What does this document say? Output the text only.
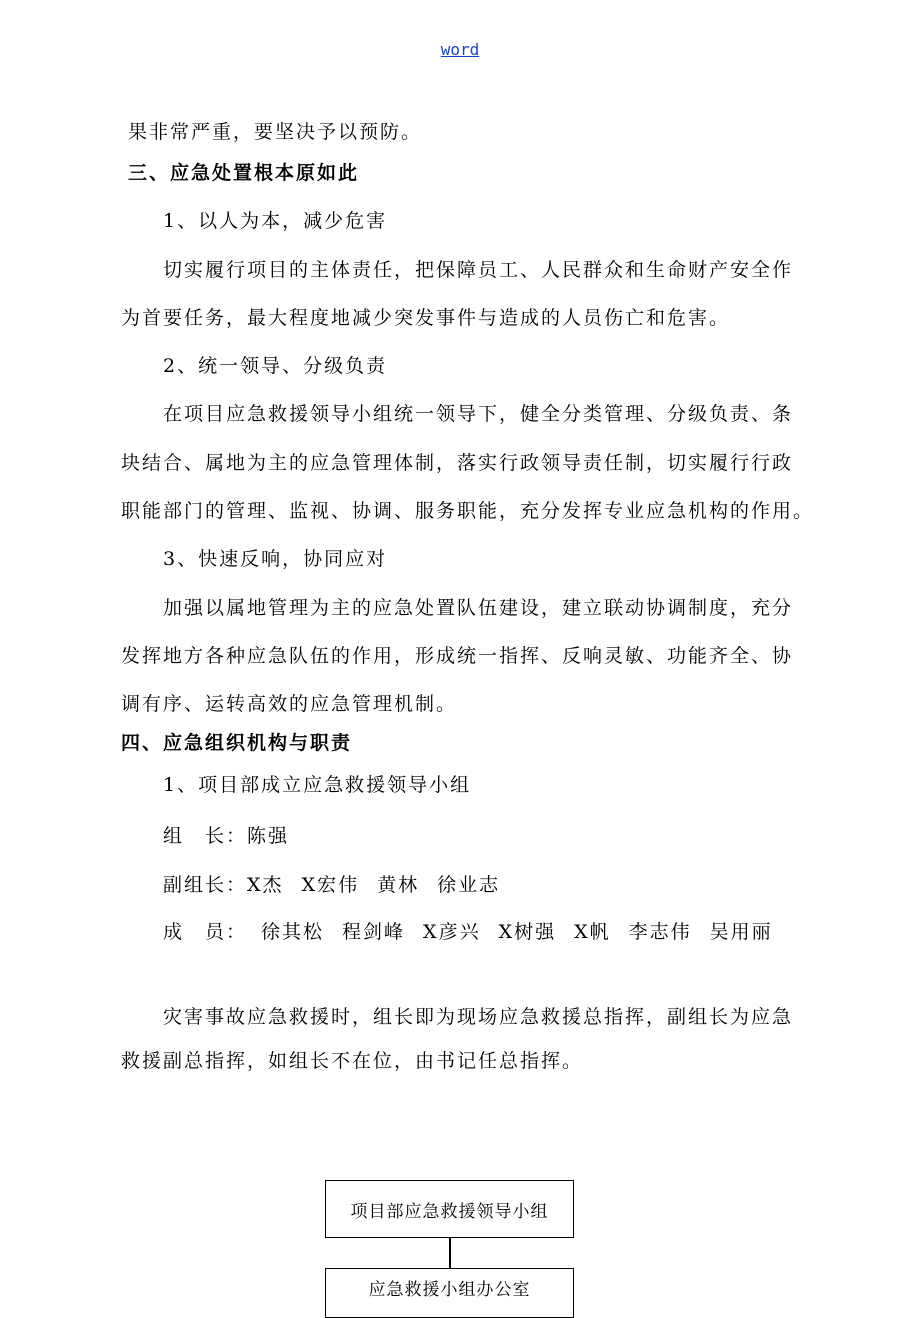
word
果非常严重，要坚决予以预防。
三、应急处置根本原如此
1、以人为本，减少危害
切实履行项目的主体责任，把保障员工、人民群众和生命财产安全作
为首要任务，最大程度地减少突发事件与造成的人员伤亡和危害。
2、统一领导、分级负责
在项目应急救援领导小组统一领导下，健全分类管理、分级负责、条
块结合、属地为主的应急管理体制，落实行政领导责任制，切实履行行政
职能部门的管理、监视、协调、服务职能，充分发挥专业应急机构的作用。
3、快速反响，协同应对
加强以属地管理为主的应急处置队伍建设，建立联动协调制度，充分
发挥地方各种应急队伍的作用，形成统一指挥、反响灵敏、功能齐全、协
调有序、运转高效的应急管理机制。
四、应急组织机构与职责
1、项目部成立应急救援领导小组
组　长：陈强
副组长：X杰 X宏伟 黄林 徐业志
成　员： 徐其松 程剑峰 X彦兴 X树强 X帆 李志伟 吴用丽
灾害事故应急救援时，组长即为现场应急救援总指挥，副组长为应急
救援副总指挥，如组长不在位，由书记任总指挥。
项目部应急救援领导小组
应急救援小组办公室
